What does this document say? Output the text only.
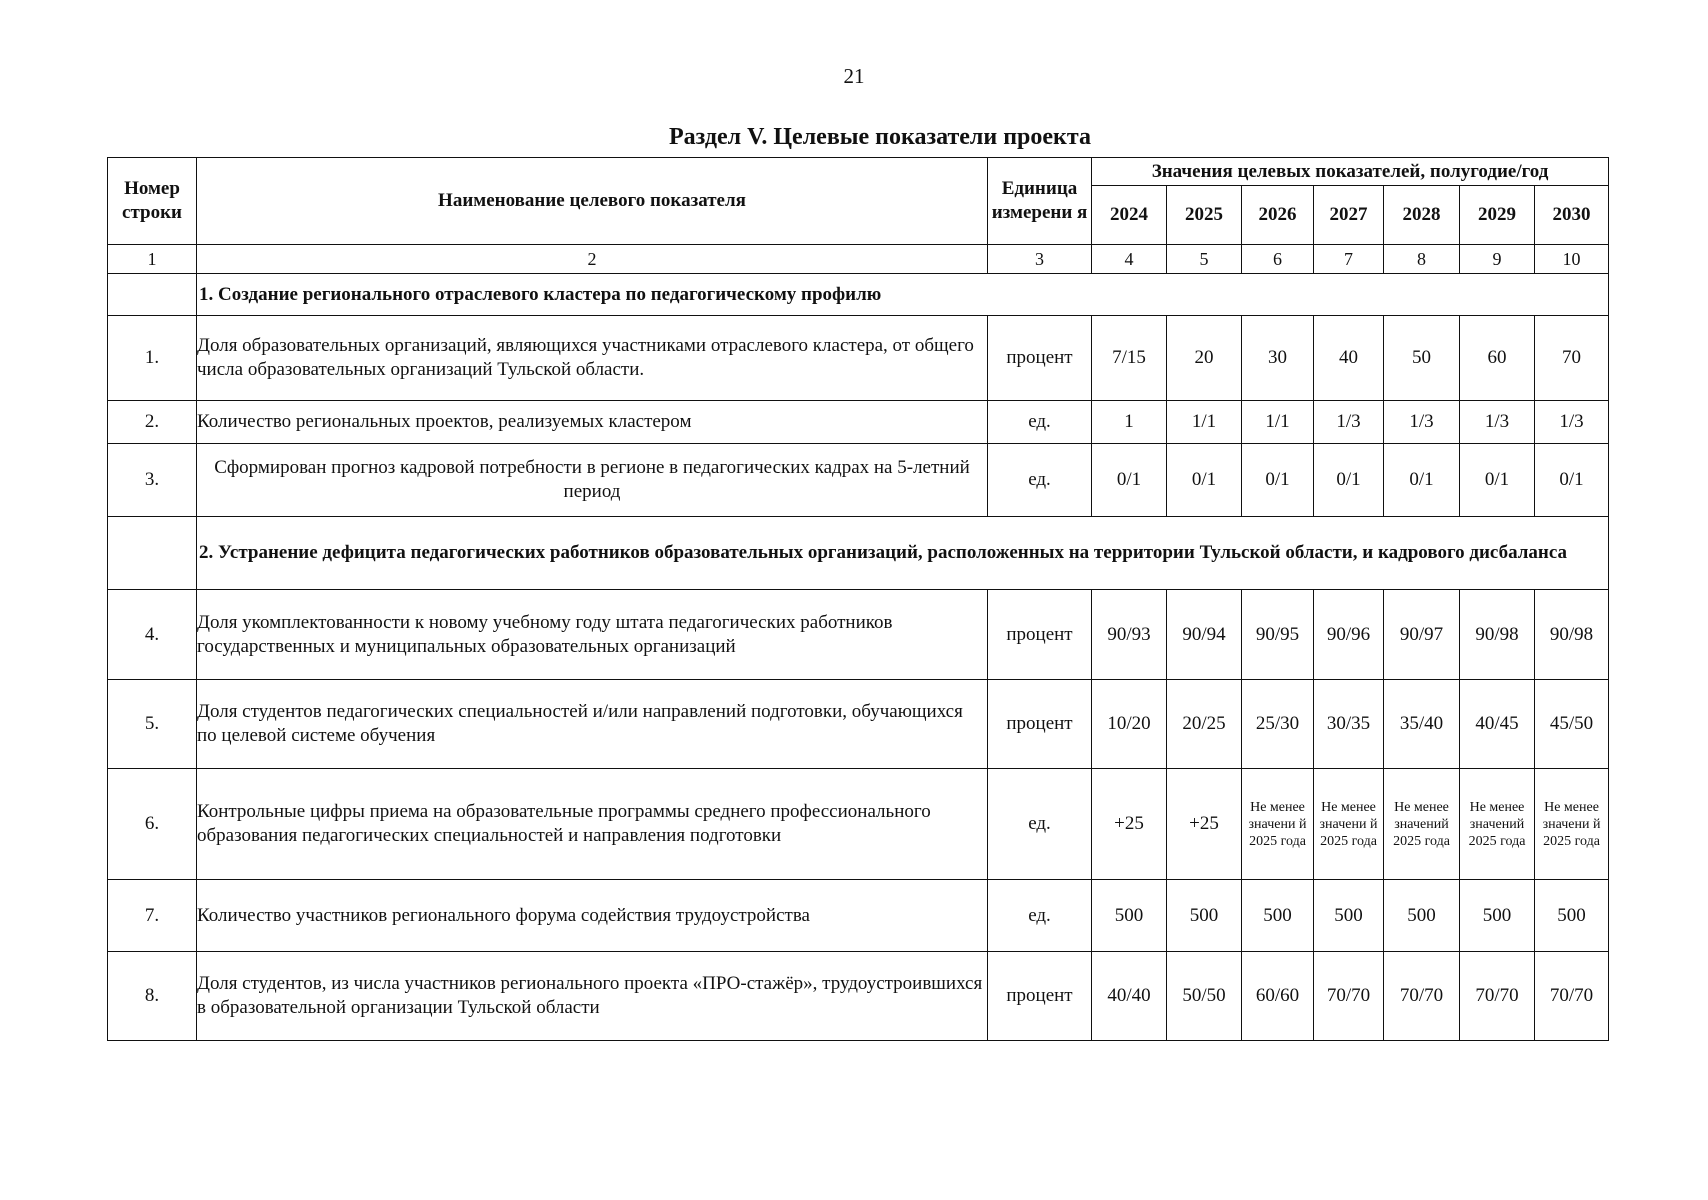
21
Раздел V. Целевые показатели проекта
Номер строки	Наименование целевого показателя	Единица измерени я	Значения целевых показателей, полугодие/год						
			2024	2025	2026	2027	2028	2029	2030
1	2	3	4	5	6	7	8	9	10
	1. Создание регионального отраслевого кластера по педагогическому профилю								
1.	Доля образовательных организаций, являющихся участниками отраслевого кластера, от общего числа образовательных организаций Тульской области.	процент	7/15	20	30	40	50	60	70
2.	Количество региональных проектов, реализуемых кластером	ед.	1	1/1	1/1	1/3	1/3	1/3	1/3
3.	Сформирован прогноз кадровой потребности в регионе в педагогических кадрах на 5-летний период	ед.	0/1	0/1	0/1	0/1	0/1	0/1	0/1
	2. Устранение дефицита педагогических работников образовательных организаций, расположенных на территории Тульской области, и кадрового дисбаланса								
4.	Доля укомплектованности к новому учебному году штата педагогических работников государственных и муниципальных образовательных организаций	процент	90/93	90/94	90/95	90/96	90/97	90/98	90/98
5.	Доля студентов педагогических специальностей и/или направлений подготовки, обучающихся по целевой системе обучения	процент	10/20	20/25	25/30	30/35	35/40	40/45	45/50
6.	Контрольные цифры приема на образовательные программы среднего профессионального образования педагогических специальностей и направления подготовки	ед.	+25	+25	Не менее значени й 2025 года	Не менее значени й 2025 года	Не менее значений 2025 года	Не менее значений 2025 года	Не менее значени й 2025 года
7.	Количество участников регионального форума содействия трудоустройства	ед.	500	500	500	500	500	500	500
8.	Доля студентов, из числа участников регионального проекта «ПРО-стажёр», трудоустроившихся в образовательной организации Тульской области	процент	40/40	50/50	60/60	70/70	70/70	70/70	70/70
